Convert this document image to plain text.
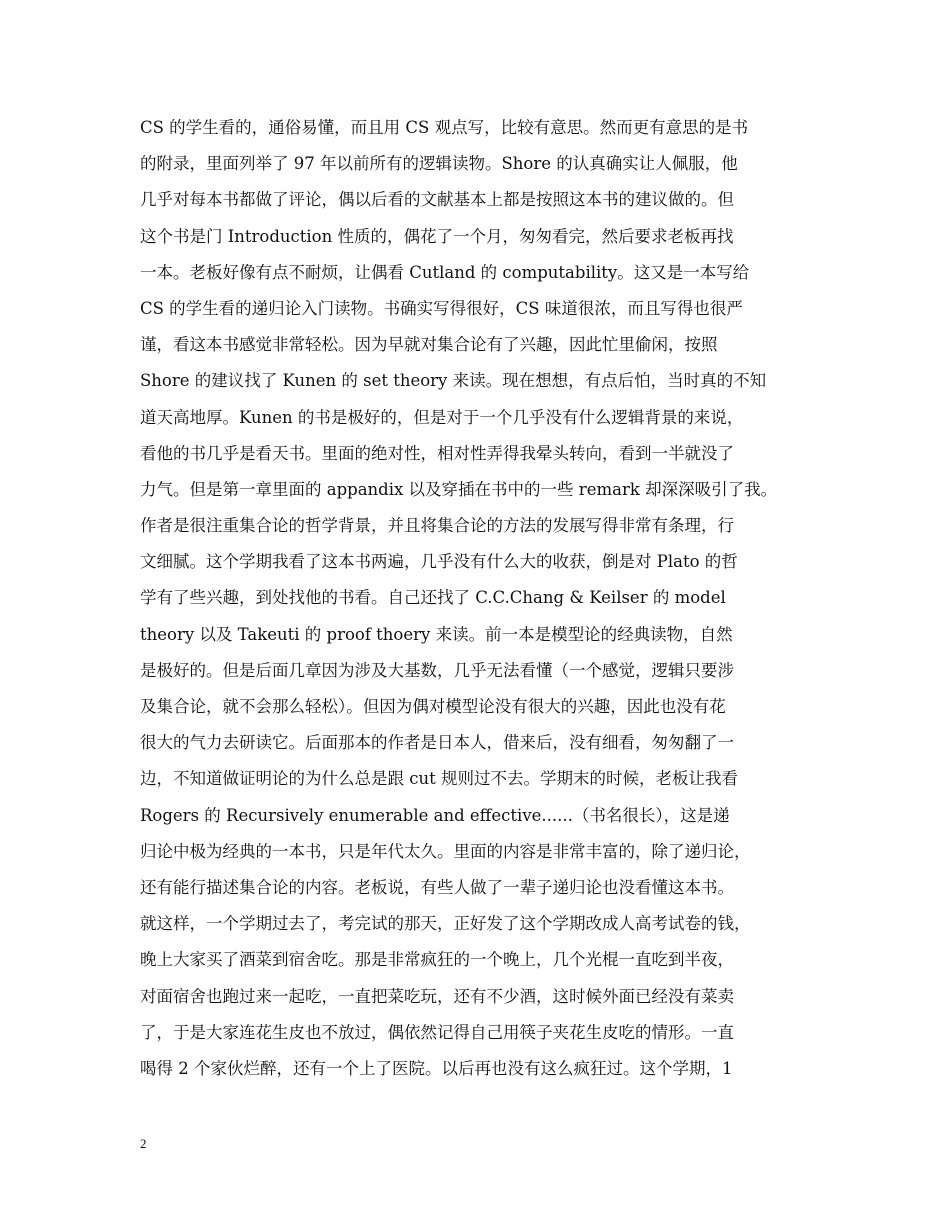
CS 的学生看的，通俗易懂，而且用 CS 观点写，比较有意思。然而更有意思的是书
的附录，里面列举了 97 年以前所有的逻辑读物。Shore 的认真确实让人佩服，他
几乎对每本书都做了评论，偶以后看的文献基本上都是按照这本书的建议做的。但
这个书是门 Introduction 性质的，偶花了一个月，匆匆看完，然后要求老板再找
一本。老板好像有点不耐烦，让偶看 Cutland 的 computability。这又是一本写给
CS 的学生看的递归论入门读物。书确实写得很好，CS 味道很浓，而且写得也很严
谨，看这本书感觉非常轻松。因为早就对集合论有了兴趣，因此忙里偷闲，按照
Shore 的建议找了 Kunen 的 set theory 来读。现在想想，有点后怕，当时真的不知
道天高地厚。Kunen 的书是极好的，但是对于一个几乎没有什么逻辑背景的来说，
看他的书几乎是看天书。里面的绝对性，相对性弄得我晕头转向，看到一半就没了
力气。但是第一章里面的 appandix 以及穿插在书中的一些 remark 却深深吸引了我。
作者是很注重集合论的哲学背景，并且将集合论的方法的发展写得非常有条理，行
文细腻。这个学期我看了这本书两遍，几乎没有什么大的收获，倒是对 Plato 的哲
学有了些兴趣，到处找他的书看。自己还找了 C.C.Chang & Keilser 的 model
theory 以及 Takeuti 的 proof thoery 来读。前一本是模型论的经典读物，自然
是极好的。但是后面几章因为涉及大基数，几乎无法看懂（一个感觉，逻辑只要涉
及集合论，就不会那么轻松）。但因为偶对模型论没有很大的兴趣，因此也没有花
很大的气力去研读它。后面那本的作者是日本人，借来后，没有细看，匆匆翻了一
边，不知道做证明论的为什么总是跟 cut 规则过不去。学期末的时候，老板让我看
Rogers 的 Recursively enumerable and effective......（书名很长），这是递
归论中极为经典的一本书，只是年代太久。里面的内容是非常丰富的，除了递归论，
还有能行描述集合论的内容。老板说，有些人做了一辈子递归论也没看懂这本书。
就这样，一个学期过去了，考完试的那天，正好发了这个学期改成人高考试卷的钱，
晚上大家买了酒菜到宿舍吃。那是非常疯狂的一个晚上，几个光棍一直吃到半夜，
对面宿舍也跑过来一起吃，一直把菜吃玩，还有不少酒，这时候外面已经没有菜卖
了，于是大家连花生皮也不放过，偶依然记得自己用筷子夹花生皮吃的情形。一直
喝得 2 个家伙烂醉，还有一个上了医院。以后再也没有这么疯狂过。这个学期，1
2
